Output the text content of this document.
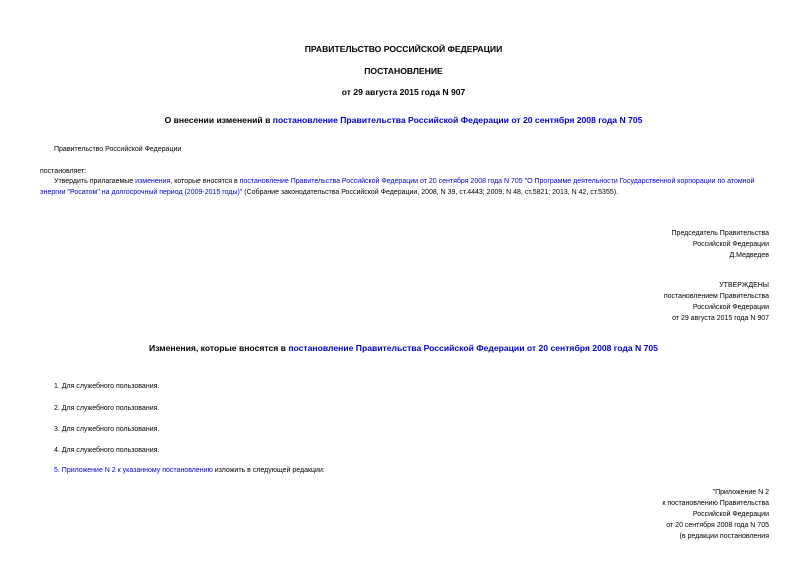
ПРАВИТЕЛЬСТВО РОССИЙСКОЙ ФЕДЕРАЦИИ
ПОСТАНОВЛЕНИЕ
от 29 августа 2015 года N 907
О внесении изменений в постановление Правительства Российской Федерации от 20 сентября 2008 года N 705
Правительство Российской Федерации
постановляет:
Утвердить прилагаемые изменения, которые вносятся в постановление Правительства Российской Федерации от 20 сентября 2008 года N 705 "О Программе деятельности Государственной корпорации по атомной энергии "Росатом" на долгосрочный период (2009-2015 годы)" (Собрание законодательства Российской Федерации, 2008, N 39, ст.4443; 2009, N 48, ст.5821; 2013, N 42, ст.5355).
Председатель Правительства
Российской Федерации
Д.Медведев
УТВЕРЖДЕНЫ
постановлением Правительства
Российской Федерации
от 29 августа 2015 года N 907
Изменения, которые вносятся в постановление Правительства Российской Федерации от 20 сентября 2008 года N 705
1. Для служебного пользования.
2. Для служебного пользования.
3. Для служебного пользования.
4. Для служебного пользования.
5. Приложение N 2 к указанному постановлению изложить в следующей редакции:
"Приложение N 2
к постановлению Правительства
Российской Федерации
от 20 сентября 2008 года N 705
(в редакции постановления
